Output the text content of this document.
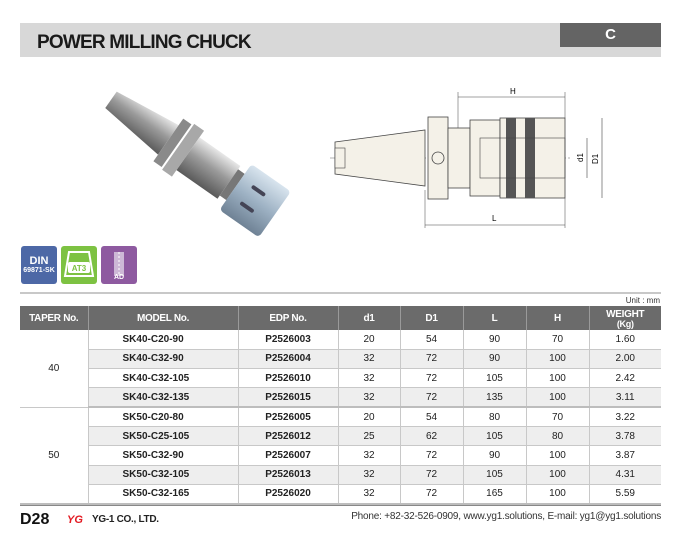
POWER MILLING CHUCK	C
H
L
d1 D1
DIN
69871-SK AT3
AD
Unit : mm
TAPER No.	MODEL No.	EDP No.	d1	D1	L	H	WEIGHT
(Kg)

40	SK40-C20-90	P2526003	20	54	90	70	1.60
	SK40-C32-90	P2526004	32	72	90	100	2.00
	SK40-C32-105	P2526010	32	72	105	100	2.42
	SK40-C32-135	P2526015	32	72	135	100	3.11
50	SK50-C20-80	P2526005	20	54	80	70	3.22
	SK50-C25-105	P2526012	25	62	105	80	3.78
	SK50-C32-90	P2526007	32	72	90	100	3.87
	SK50-C32-105	P2526013	32	72	105	100	4.31
	SK50-C32-165	P2526020	32	72	165	100	5.59
D28 YG YG-1 CO., LTD.	Phone: +82-32-526-0909, www.yg1.solutions, E-mail: yg1@yg1.solutions
